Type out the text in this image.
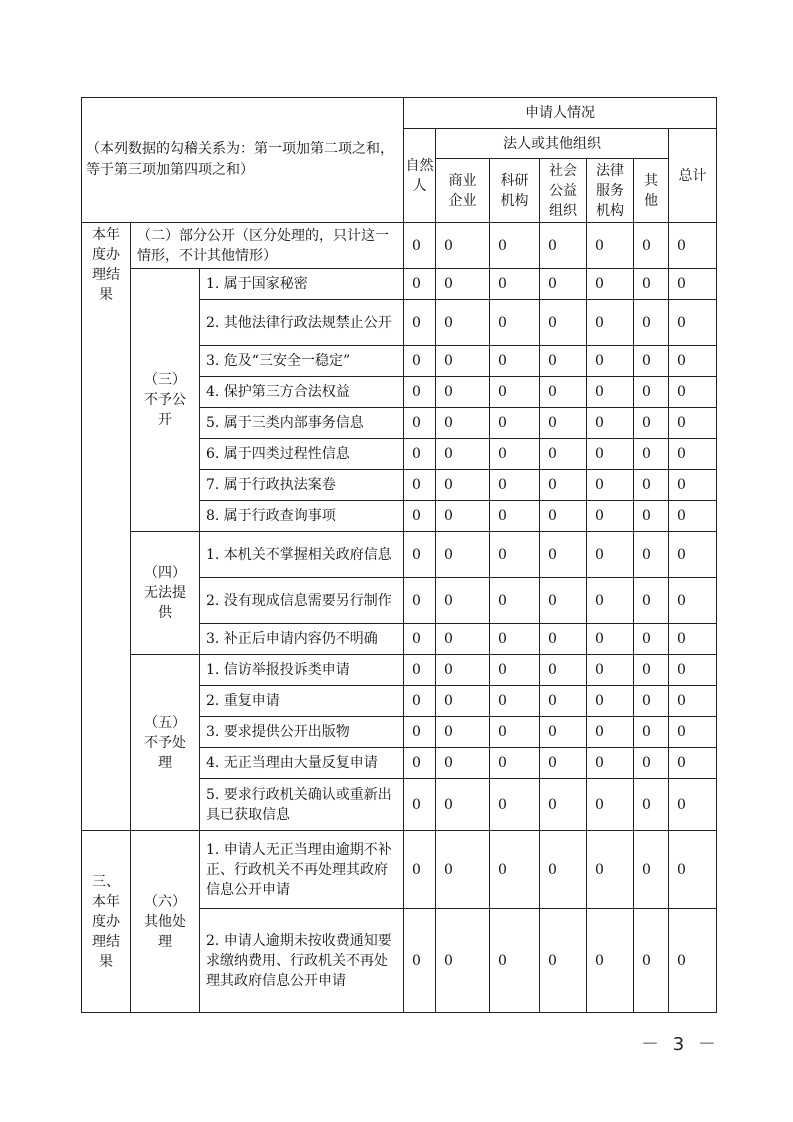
（本列数据的勾稽关系为：第一项加第二项之和，等于第三项加第四项之和）			申请人情况						
			自然人	法人或其他组织					总计
				商业企业	科研机构	社会公益组织	法律服务机构	其他	
本年度办理结果	（二）部分公开（区分处理的，只计这一情形，不计其他情形）		0	0	0	0	0	0	0
	（三）不予公开	1. 属于国家秘密	0	0	0	0	0	0	0
		2. 其他法律行政法规禁止公开	0	0	0	0	0	0	0
		3. 危及“三安全一稳定”	0	0	0	0	0	0	0
		4. 保护第三方合法权益	0	0	0	0	0	0	0
		5. 属于三类内部事务信息	0	0	0	0	0	0	0
		6. 属于四类过程性信息	0	0	0	0	0	0	0
		7. 属于行政执法案卷	0	0	0	0	0	0	0
		8. 属于行政查询事项	0	0	0	0	0	0	0
	（四）无法提供	1. 本机关不掌握相关政府信息	0	0	0	0	0	0	0
		2. 没有现成信息需要另行制作	0	0	0	0	0	0	0
		3. 补正后申请内容仍不明确	0	0	0	0	0	0	0
	（五）不予处理	1. 信访举报投诉类申请	0	0	0	0	0	0	0
		2. 重复申请	0	0	0	0	0	0	0
		3. 要求提供公开出版物	0	0	0	0	0	0	0
		4. 无正当理由大量反复申请	0	0	0	0	0	0	0
		5. 要求行政机关确认或重新出具已获取信息	0	0	0	0	0	0	0
三、本年度办理结果	（六）其他处理	1. 申请人无正当理由逾期不补正、行政机关不再处理其政府信息公开申请	0	0	0	0	0	0	0
		2. 申请人逾期未按收费通知要求缴纳费用、行政机关不再处理其政府信息公开申请	0	0	0	0	0	0	0
－ 3 －
